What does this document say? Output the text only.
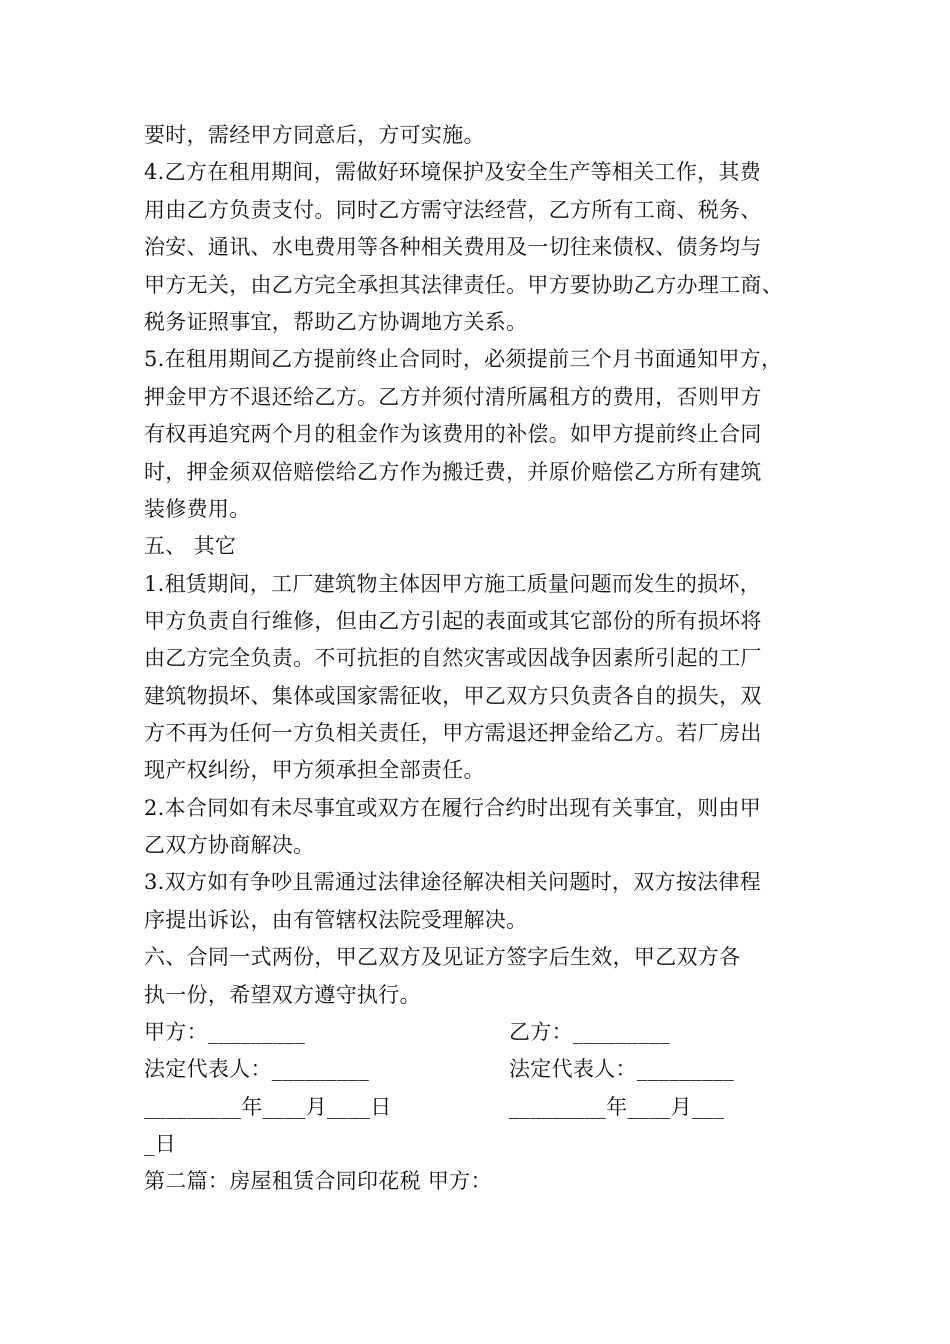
要时，需经甲方同意后，方可实施。
4.乙方在租用期间，需做好环境保护及安全生产等相关工作，其费
用由乙方负责支付。同时乙方需守法经营，乙方所有工商、税务、
治安、通讯、水电费用等各种相关费用及一切往来债权、债务均与
甲方无关，由乙方完全承担其法律责任。甲方要协助乙方办理工商、
税务证照事宜，帮助乙方协调地方关系。
5.在租用期间乙方提前终止合同时，必须提前三个月书面通知甲方，
押金甲方不退还给乙方。乙方并须付清所属租方的费用，否则甲方
有权再追究两个月的租金作为该费用的补偿。如甲方提前终止合同
时，押金须双倍赔偿给乙方作为搬迁费，并原价赔偿乙方所有建筑
装修费用。
五、 其它
1.租赁期间，工厂建筑物主体因甲方施工质量问题而发生的损坏，
甲方负责自行维修，但由乙方引起的表面或其它部份的所有损坏将
由乙方完全负责。不可抗拒的自然灾害或因战争因素所引起的工厂
建筑物损坏、集体或国家需征收，甲乙双方只负责各自的损失，双
方不再为任何一方负相关责任，甲方需退还押金给乙方。若厂房出
现产权纠纷，甲方须承担全部责任。
2.本合同如有未尽事宜或双方在履行合约时出现有关事宜，则由甲
乙双方协商解决。
3.双方如有争吵且需通过法律途径解决相关问题时，双方按法律程
序提出诉讼，由有管辖权法院受理解决。
六、合同一式两份，甲乙双方及见证方签字后生效，甲乙双方各
执一份，希望双方遵守执行。
甲方：_________	乙方：_________
法定代表人：_________	法定代表人：_________
_________年____月____日	_________年____月___
_日
第二篇：房屋租赁合同印花税 甲方：
